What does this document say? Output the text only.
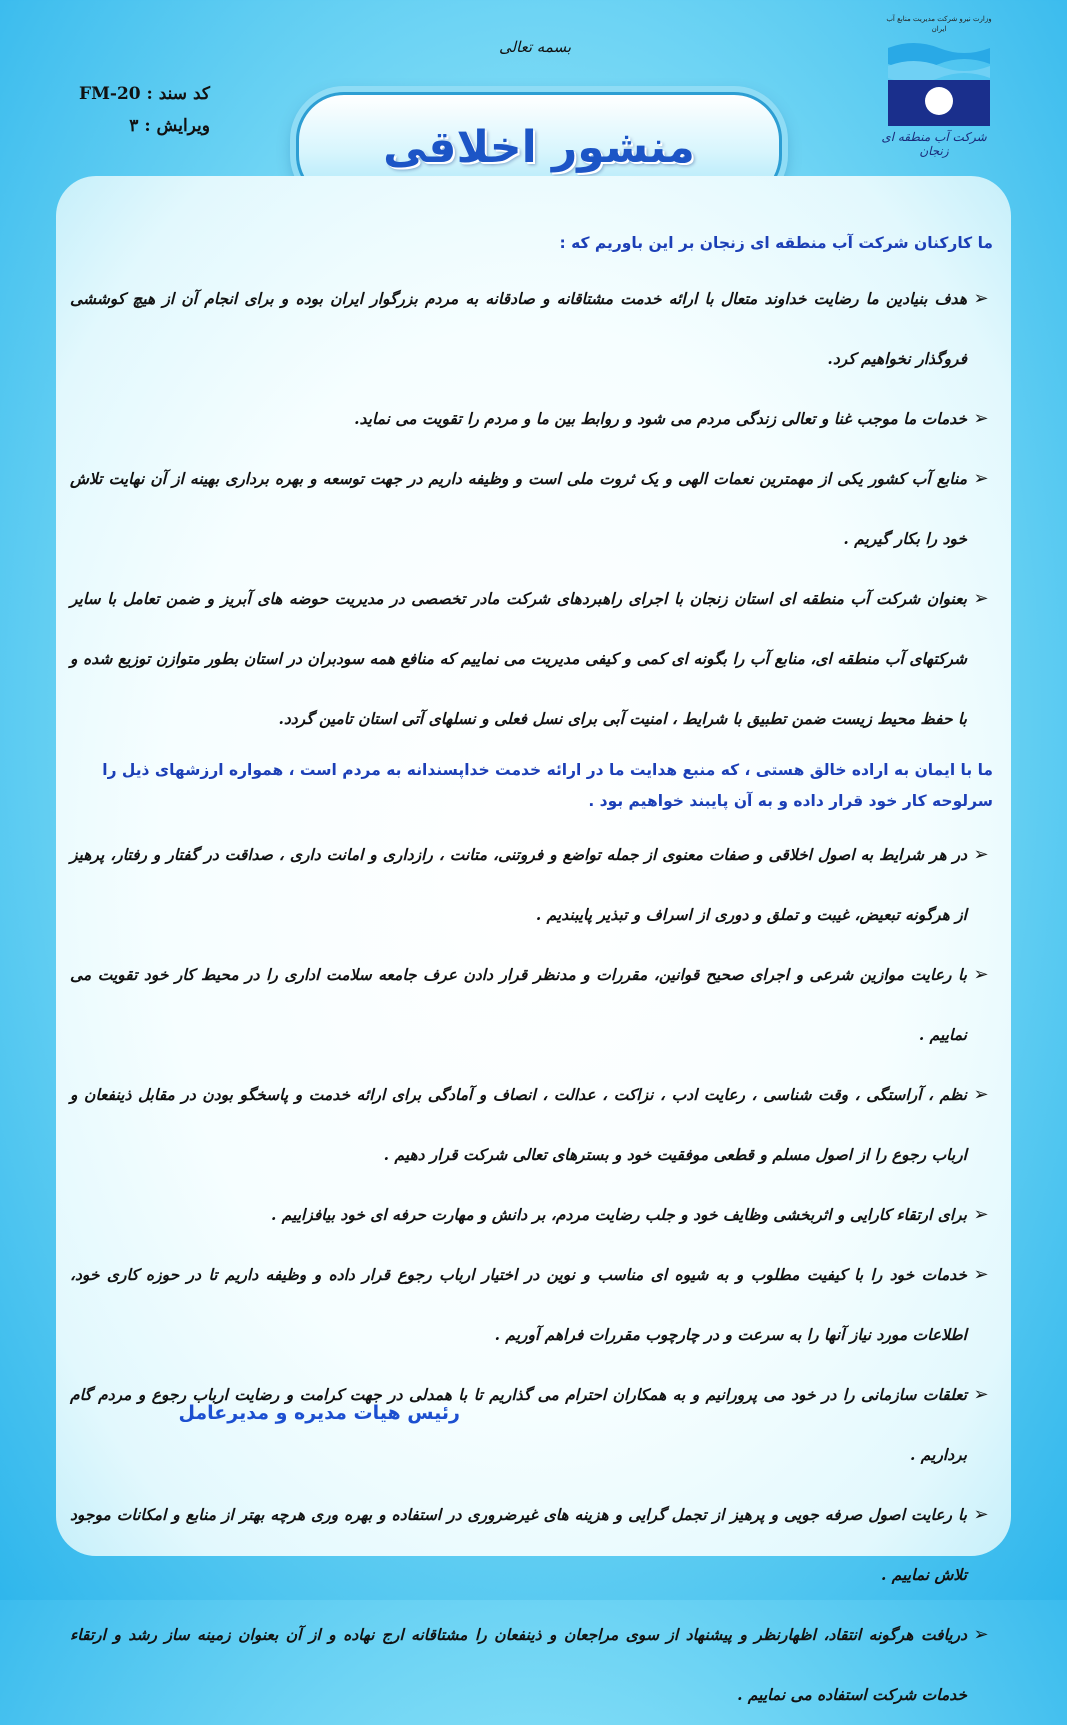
بسمه تعالی
کد سند : FM-20
ویرایش : ۳	منشور اخلاقی
وزارت نیرو شرکت مدیریت منابع آب ایران
شرکت آب منطقه ای زنجان
ما کارکنان شرکت آب منطقه ای زنجان بر این باوریم که :
➢
هدف بنیادین ما رضایت خداوند متعال با ارائه خدمت مشتاقانه و صادقانه به مردم بزرگوار ایران بوده و برای انجام آن از هیچ کوششی فروگذار نخواهیم کرد.
➢
خدمات ما موجب غنا و تعالی زندگی مردم می شود و روابط بین ما و مردم را تقویت می نماید.
➢
منابع آب کشور یکی از مهمترین نعمات الهی و یک ثروت ملی است و وظیفه داریم در جهت توسعه و بهره برداری بهینه از آن نهایت تلاش خود را بکار گیریم .
➢
بعنوان شرکت آب منطقه ای استان زنجان با اجرای راهبردهای شرکت مادر تخصصی در مدیریت حوضه های آبریز و ضمن تعامل با سایر شرکتهای آب منطقه ای، منابع آب را بگونه ای کمی و کیفی مدیریت می نماییم که منافع همه سودبران در استان بطور متوازن توزیع شده و با حفظ محیط زیست ضمن تطبیق با شرایط ، امنیت آبی برای نسل فعلی و نسلهای آتی استان تامین گردد.
ما با ایمان به اراده خالق هستی ، که منبع هدایت ما در ارائه خدمت خداپسندانه به مردم است ، همواره ارزشهای ذیل را سرلوحه کار خود قرار داده و به آن پایبند خواهیم بود .
➢
در هر شرایط به اصول اخلاقی و صفات معنوی از جمله تواضع و فروتنی، متانت ، رازداری و امانت داری ، صداقت در گفتار و رفتار، پرهیز از هرگونه تبعیض، غیبت و تملق و دوری از اسراف و تبذیر پایبندیم .
➢
با رعایت موازین شرعی و اجرای صحیح قوانین، مقررات و مدنظر قرار دادن عرف جامعه سلامت اداری را در محیط کار خود تقویت می نماییم .
➢
نظم ، آراستگی ، وقت شناسی ، رعایت ادب ، نزاکت ، عدالت ، انصاف و آمادگی برای ارائه خدمت و پاسخگو بودن در مقابل ذینفعان و ارباب رجوع را از اصول مسلم و قطعی موفقیت خود و بسترهای تعالی شرکت قرار دهیم .
➢
برای ارتقاء کارایی و اثربخشی وظایف خود و جلب رضایت مردم، بر دانش و مهارت حرفه ای خود بیافزاییم .
➢
خدمات خود را با کیفیت مطلوب و به شیوه ای مناسب و نوین در اختیار ارباب رجوع قرار داده و وظیفه داریم تا در حوزه کاری خود، اطلاعات مورد نیاز آنها را به سرعت و در چارچوب مقررات فراهم آوریم .
➢
تعلقات سازمانی را در خود می پرورانیم و به همکاران احترام می گذاریم تا با همدلی در جهت کرامت و رضایت ارباب رجوع و مردم گام برداریم .
➢
با رعایت اصول صرفه جویی و پرهیز از تجمل گرایی و هزینه های غیرضروری در استفاده و بهره وری هرچه بهتر از منابع و امکانات موجود تلاش نماییم .
➢
دریافت هرگونه انتقاد، اظهارنظر و پیشنهاد از سوی مراجعان و ذینفعان را مشتاقانه ارج نهاده و از آن بعنوان زمینه ساز رشد و ارتقاء خدمات شرکت استفاده می نماییم .
رئیس هیات مدیره و مدیرعامل
